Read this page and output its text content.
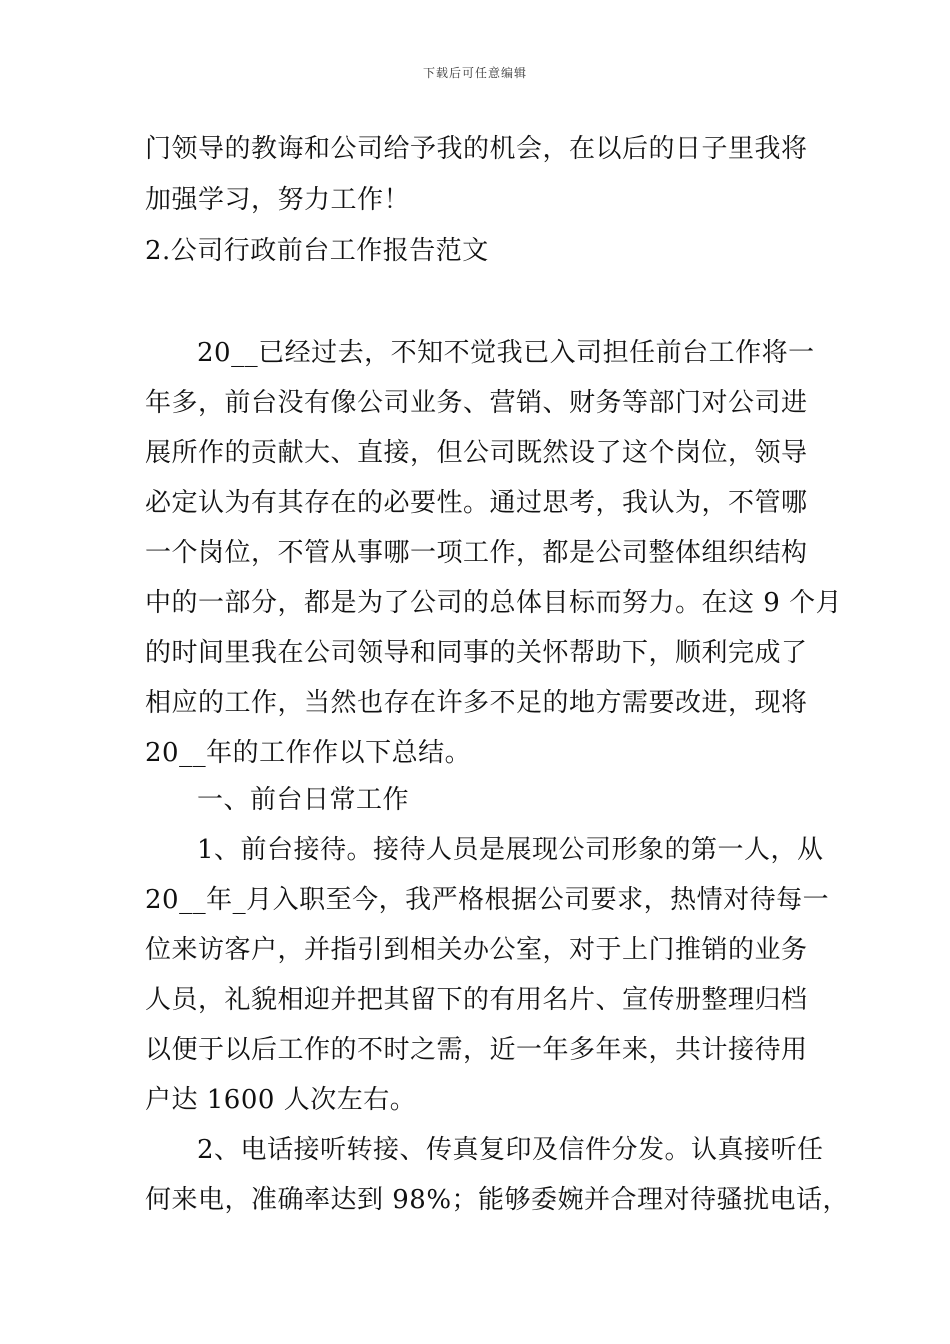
下载后可任意编辑
门领导的教诲和公司给予我的机会，在以后的日子里我将
加强学习，努力工作！
2.公司行政前台工作报告范文
20__已经过去，不知不觉我已入司担任前台工作将一
年多，前台没有像公司业务、营销、财务等部门对公司进
展所作的贡献大、直接，但公司既然设了这个岗位，领导
必定认为有其存在的必要性。通过思考，我认为，不管哪
一个岗位，不管从事哪一项工作，都是公司整体组织结构
中的一部分，都是为了公司的总体目标而努力。在这 9 个月
的时间里我在公司领导和同事的关怀帮助下，顺利完成了
相应的工作，当然也存在许多不足的地方需要改进，现将
20__年的工作作以下总结。
一、前台日常工作
1、前台接待。接待人员是展现公司形象的第一人，从
20__年_月入职至今，我严格根据公司要求，热情对待每一
位来访客户，并指引到相关办公室，对于上门推销的业务
人员，礼貌相迎并把其留下的有用名片、宣传册整理归档
以便于以后工作的不时之需，近一年多年来，共计接待用
户达 1600 人次左右。
2、电话接听转接、传真复印及信件分发。认真接听任
何来电，准确率达到 98%；能够委婉并合理对待骚扰电话，
